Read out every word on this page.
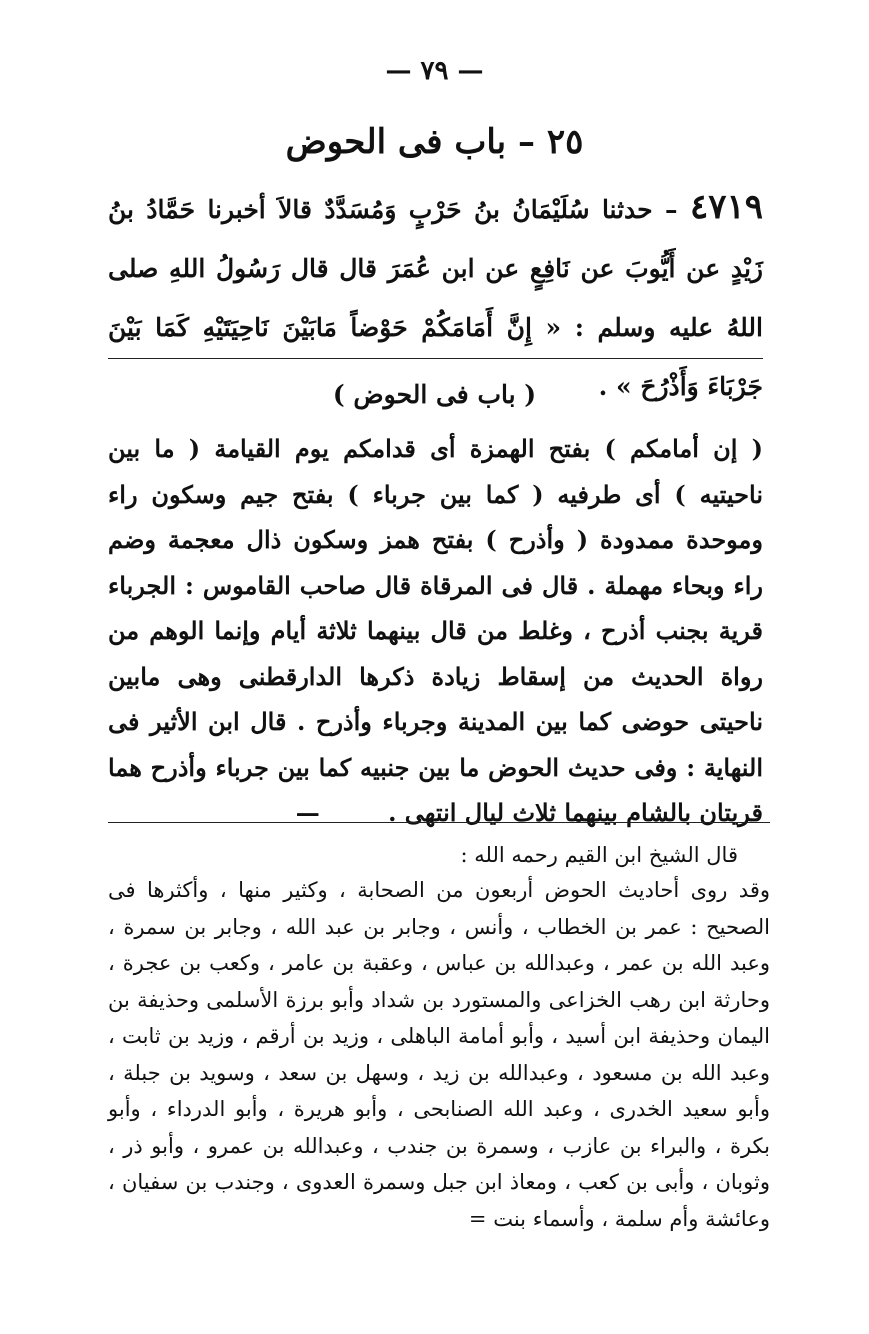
— ٧٩ —
٢٥ – باب فى الحوض
٤٧١٩ – حدثنا سُلَيْمَانُ بنُ حَرْبٍ وَمُسَدَّدٌ قالاَ أخبرنا حَمَّادُ بنُ زَيْدٍ عن أَيُّوبَ عن نَافِعٍ عن ابن عُمَرَ قال قال رَسُولُ اللهِ صلى اللهُ عليه وسلم : « إِنَّ أَمَامَكُمْ حَوْضاً مَابَيْنَ نَاحِيَتَيْهِ كَمَا بَيْنَ جَرْبَاءَ وَأَذْرُحَ » .
( باب فى الحوض )
( إن أمامكم ) بفتح الهمزة أى قدامكم يوم القيامة ( ما بين ناحيتيه ) أى طرفيه ( كما بين جرباء ) بفتح جيم وسكون راء وموحدة ممدودة ( وأذرح ) بفتح همز وسكون ذال معجمة وضم راء وبحاء مهملة . قال فى المرقاة قال صاحب القاموس : الجرباء قرية بجنب أذرح ، وغلط من قال بينهما ثلاثة أيام وإنما الوهم من رواة الحديث من إسقاط زيادة ذكرها الدارقطنى وهى مابين ناحيتى حوضى كما بين المدينة وجرباء وأذرح . قال ابن الأثير فى النهاية : وفى حديث الحوض ما بين جنبيه كما بين جرباء وأذرح هما قريتان بالشام بينهما ثلاث ليال انتهى . —
قال الشيخ ابن القيم رحمه الله :
وقد روى أحاديث الحوض أربعون من الصحابة ، وكثير منها ، وأكثرها فى الصحيح : عمر بن الخطاب ، وأنس ، وجابر بن عبد الله ، وجابر بن سمرة ، وعبد الله بن عمر ، وعبدالله بن عباس ، وعقبة بن عامر ، وكعب بن عجرة ، وحارثة ابن رهب الخزاعى والمستورد بن شداد وأبو برزة الأسلمى وحذيفة بن اليمان وحذيفة ابن أسيد ، وأبو أمامة الباهلى ، وزيد بن أرقم ، وزيد بن ثابت ، وعبد الله بن مسعود ، وعبدالله بن زيد ، وسهل بن سعد ، وسويد بن جبلة ، وأبو سعيد الخدرى ، وعبد الله الصنابحى ، وأبو هريرة ، وأبو الدرداء ، وأبو بكرة ، والبراء بن عازب ، وسمرة بن جندب ، وعبدالله بن عمرو ، وأبو ذر ، وثوبان ، وأبى بن كعب ، ومعاذ ابن جبل وسمرة العدوى ، وجندب بن سفيان ، وعائشة وأم سلمة ، وأسماء بنت =
